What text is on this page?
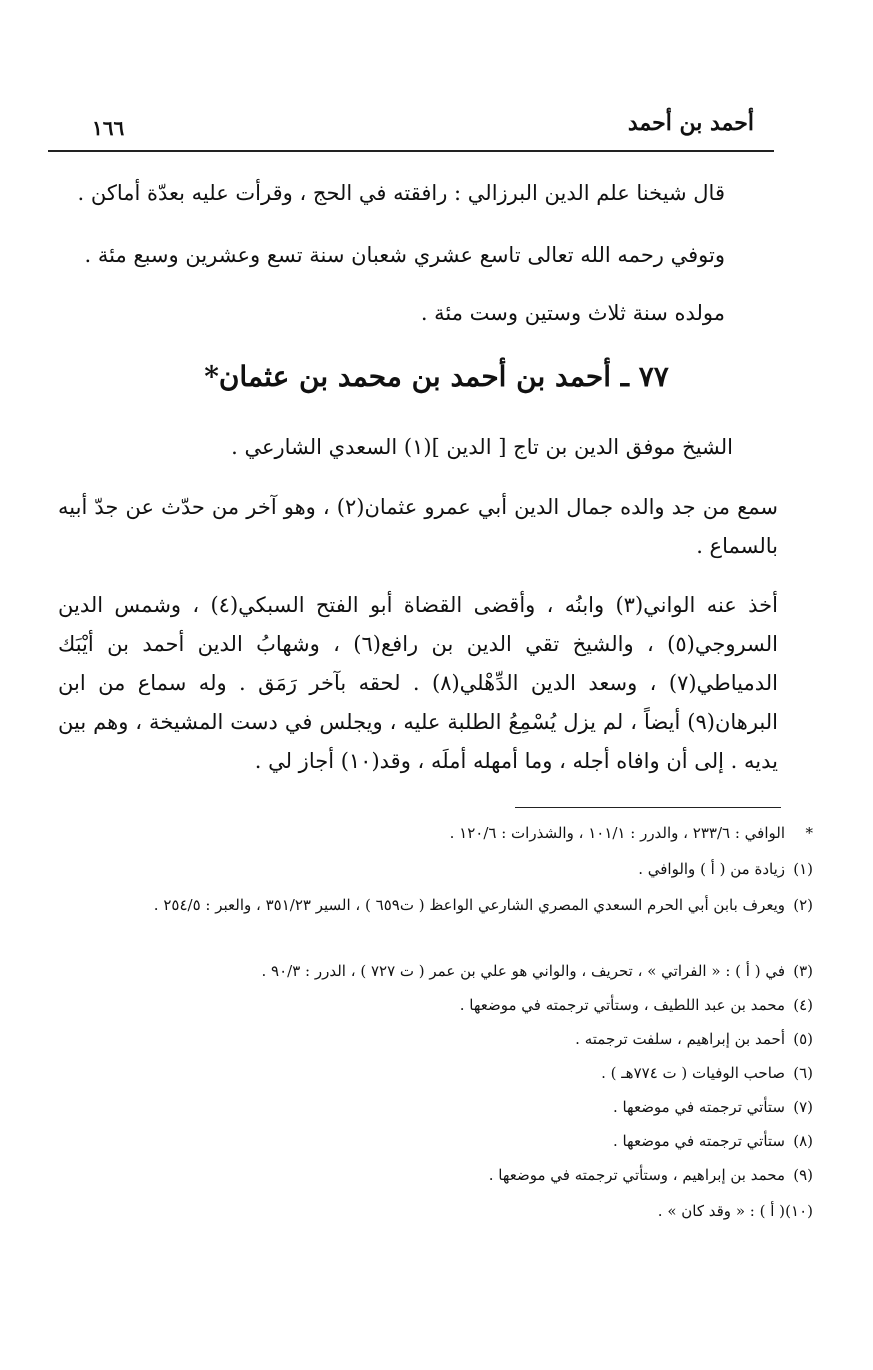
أحمد بن أحمد
١٦٦
قال شيخنا علم الدين البرزالي : رافقته في الحج ، وقرأت عليه بعدّة أماكن .
وتوفي رحمه الله تعالى تاسع عشري شعبان سنة تسع وعشرين وسبع مئة .
مولده سنة ثلاث وستين وست مئة .
٧٧ ـ أحمد بن أحمد بن محمد بن عثمان*
الشيخ موفق الدين بن تاج [ الدين ](١) السعدي الشارعي .
سمع من جد والده جمال الدين أبي عمرو عثمان(٢) ، وهو آخر من حدّث عن جدّ أبيه بالسماع .
أخذ عنه الواني(٣) وابنُه ، وأقضى القضاة أبو الفتح السبكي(٤) ، وشمس الدين السروجي(٥) ، والشيخ تقي الدين بن رافع(٦) ، وشهابُ الدين أحمد بن أيْبَك الدمياطي(٧) ، وسعد الدين الدِّهْلي(٨) . لحقه بآخر رَمَق . وله سماع من ابن البرهان(٩) أيضاً ، لم يزل يُسْمِعُ الطلبة عليه ، ويجلس في دست المشيخة ، وهم بين يديه . إلى أن وافاه أجله ، وما أمهله أملَه ، وقد(١٠) أجاز لي .
*
الوافي : ٢٣٣/٦ ، والدرر : ١٠١/١ ، والشذرات : ١٢٠/٦ .
(١)
زيادة من ( أ ) والوافي .
(٢)
ويعرف بابن أبي الحرم السعدي المصري الشارعي الواعظ ( ت٦٥٩ ) ، السير ٣٥١/٢٣ ، والعبر : ٢٥٤/٥ .
(٣)
في ( أ ) : « الفراتي » ، تحريف ، والواني هو علي بن عمر ( ت ٧٢٧ ) ، الدرر : ٩٠/٣ .
(٤)
محمد بن عبد اللطيف ، وستأتي ترجمته في موضعها .
(٥)
أحمد بن إبراهيم ، سلفت ترجمته .
(٦)
صاحب الوفيات ( ت ٧٧٤هـ ) .
(٧)
ستأتي ترجمته في موضعها .
(٨)
ستأتي ترجمته في موضعها .
(٩)
محمد بن إبراهيم ، وستأتي ترجمته في موضعها .
(١٠)
( أ ) : « وقد كان » .
